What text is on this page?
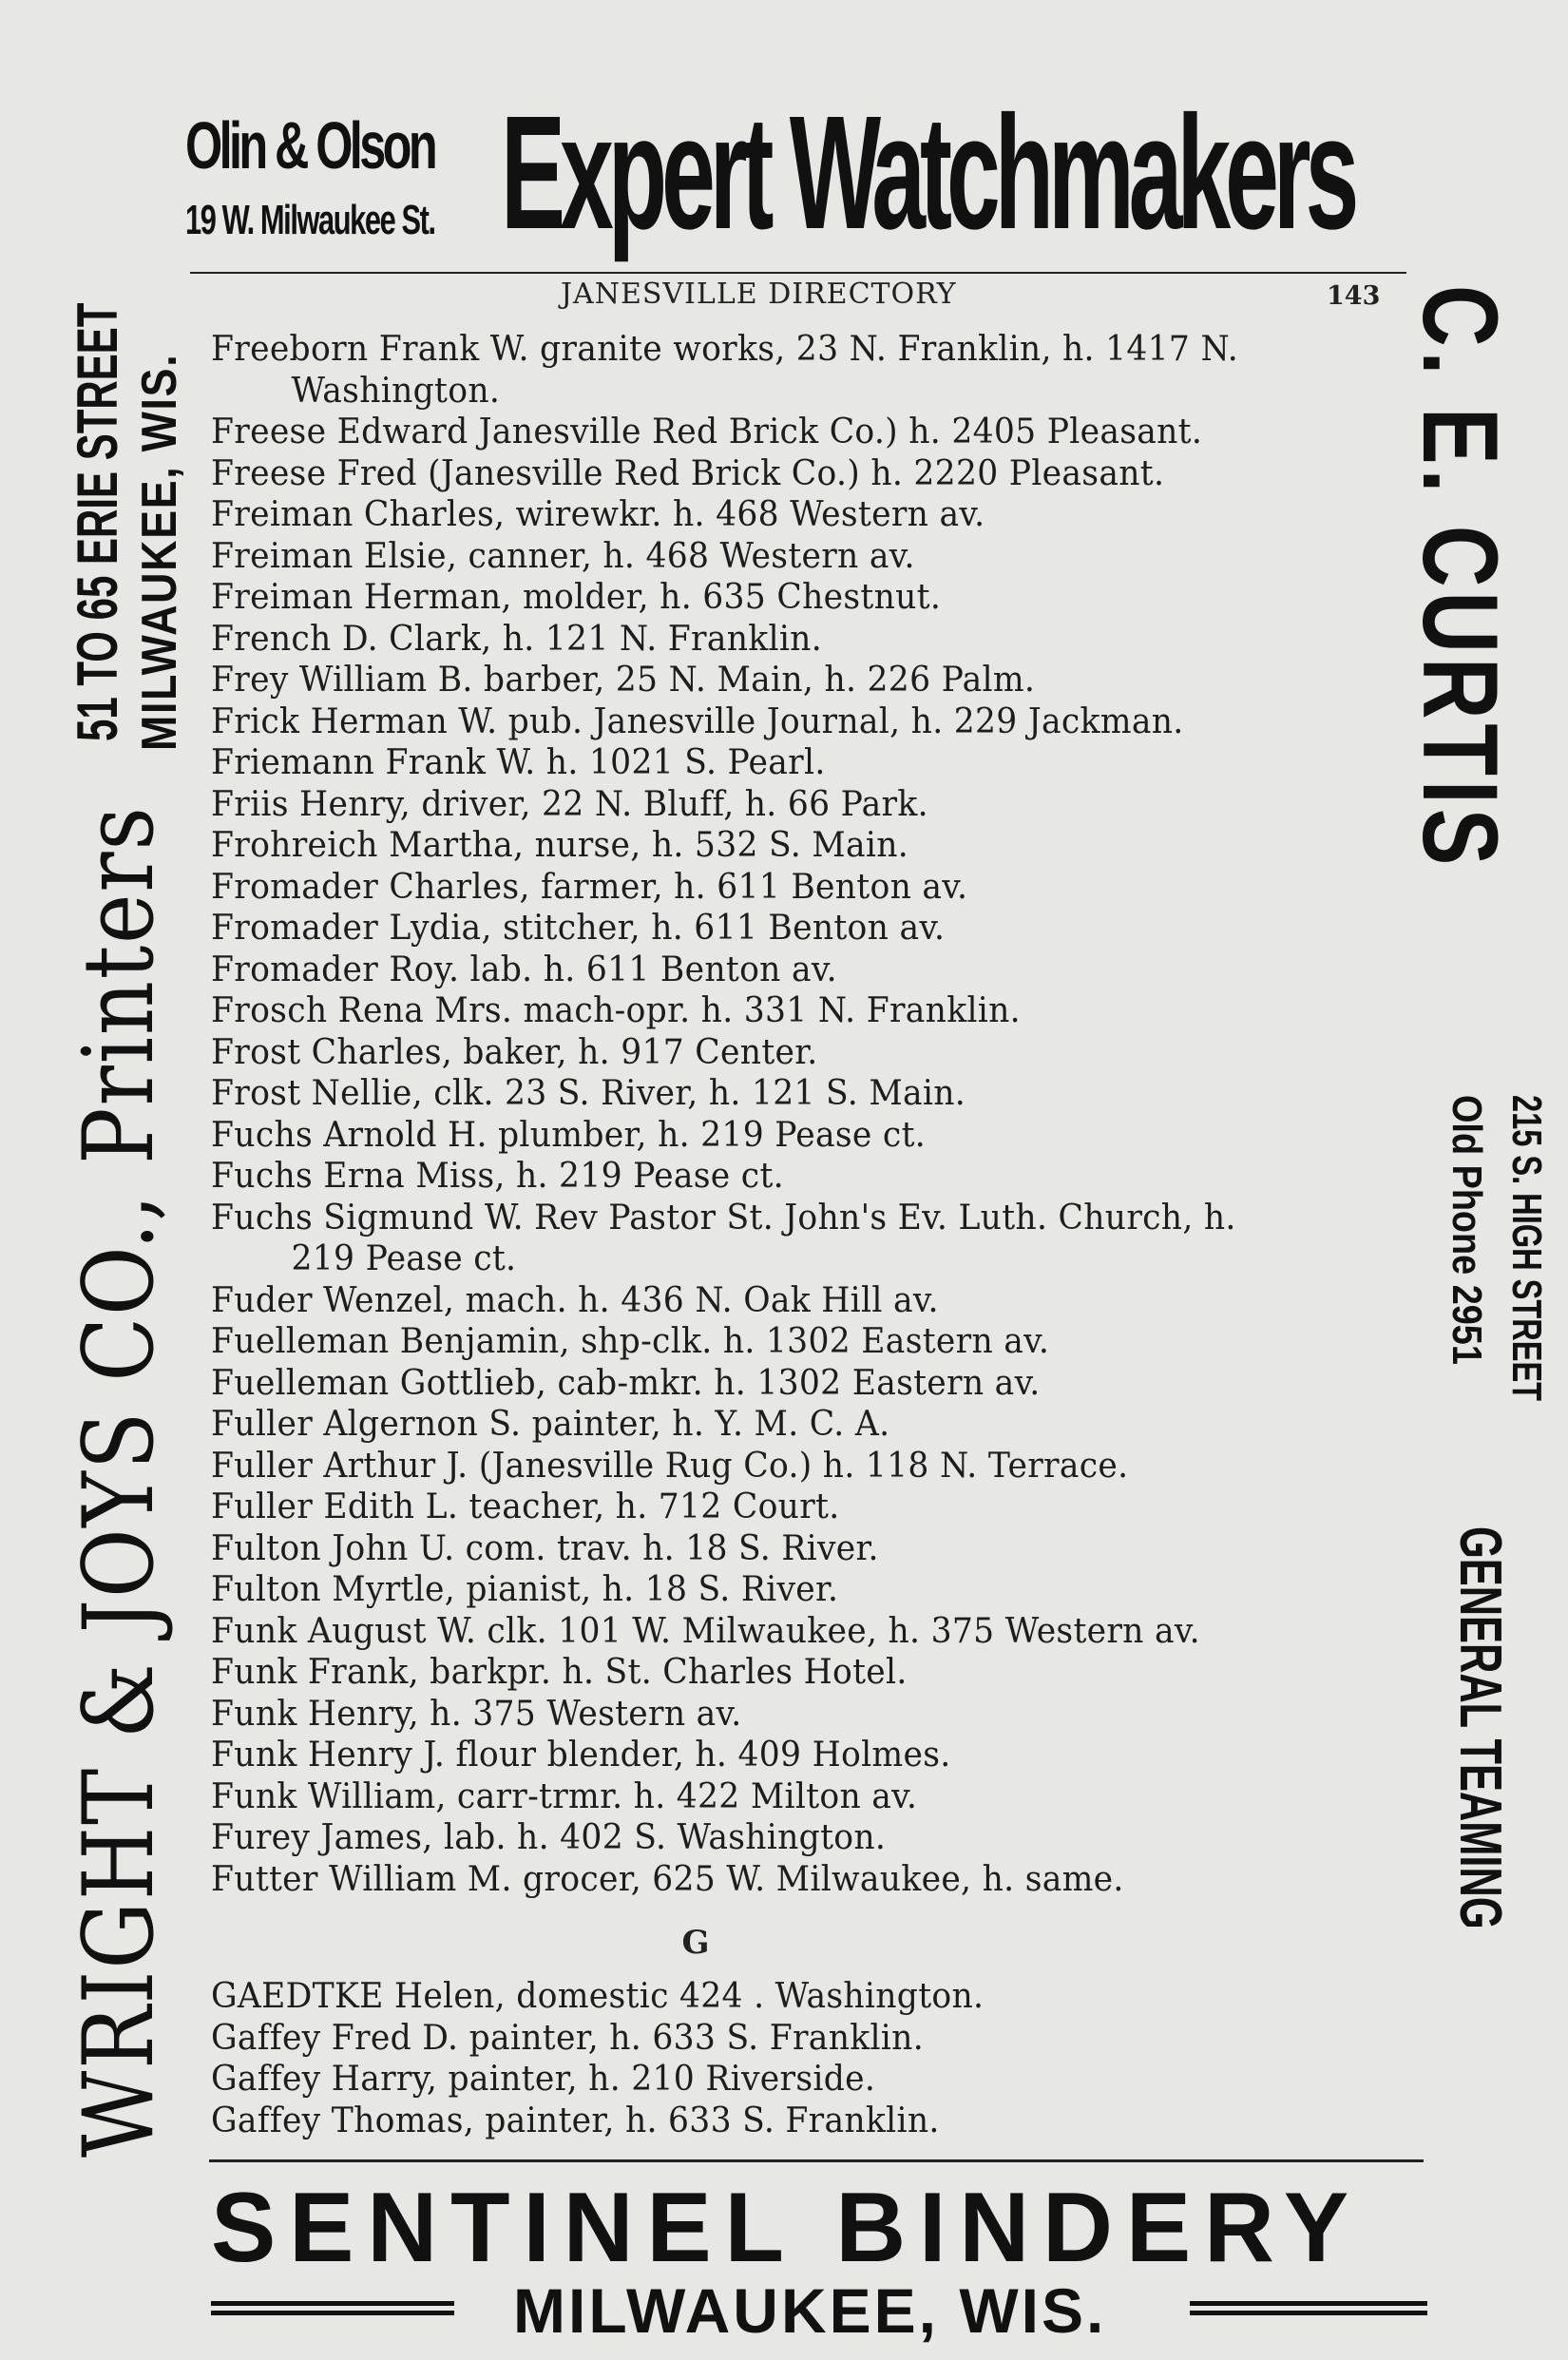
Olin & Olson
19 W. Milwaukee St. Expert Watchmakers
JANESVILLE DIRECTORY	143
Freeborn Frank W. granite works, 23 N. Franklin, h. 1417 N.
Washington.
Freese Edward Janesville Red Brick Co.) h. 2405 Pleasant.
Freese Fred (Janesville Red Brick Co.) h. 2220 Pleasant.
Freiman Charles, wirewkr. h. 468 Western av.
Freiman Elsie, canner, h. 468 Western av.
Freiman Herman, molder, h. 635 Chestnut.
French D. Clark, h. 121 N. Franklin.
Frey William B. barber, 25 N. Main, h. 226 Palm.
Frick Herman W. pub. Janesville Journal, h. 229 Jackman.
Friemann Frank W. h. 1021 S. Pearl.
Friis Henry, driver, 22 N. Bluff, h. 66 Park.
Frohreich Martha, nurse, h. 532 S. Main.
Fromader Charles, farmer, h. 611 Benton av.
Fromader Lydia, stitcher, h. 611 Benton av.
Fromader Roy. lab. h. 611 Benton av.
Frosch Rena Mrs. mach-opr. h. 331 N. Franklin.
Frost Charles, baker, h. 917 Center.
Frost Nellie, clk. 23 S. River, h. 121 S. Main.
Fuchs Arnold H. plumber, h. 219 Pease ct.
Fuchs Erna Miss, h. 219 Pease ct.
Fuchs Sigmund W. Rev Pastor St. John's Ev. Luth. Church, h.
219 Pease ct.
Fuder Wenzel, mach. h. 436 N. Oak Hill av.
Fuelleman Benjamin, shp-clk. h. 1302 Eastern av.
Fuelleman Gottlieb, cab-mkr. h. 1302 Eastern av.
Fuller Algernon S. painter, h. Y. M. C. A.
Fuller Arthur J. (Janesville Rug Co.) h. 118 N. Terrace.
Fuller Edith L. teacher, h. 712 Court.
Fulton John U. com. trav. h. 18 S. River.
Fulton Myrtle, pianist, h. 18 S. River.
Funk August W. clk. 101 W. Milwaukee, h. 375 Western av.
Funk Frank, barkpr. h. St. Charles Hotel.
Funk Henry, h. 375 Western av.
Funk Henry J. flour blender, h. 409 Holmes.
Funk William, carr-trmr. h. 422 Milton av.
Furey James, lab. h. 402 S. Washington.
Futter William M. grocer, 625 W. Milwaukee, h. same.
G
GAEDTKE Helen, domestic 424 . Washington.
Gaffey Fred D. painter, h. 633 S. Franklin.
Gaffey Harry, painter, h. 210 Riverside.
Gaffey Thomas, painter, h. 633 S. Franklin.
SENTINEL BINDERY
MILWAUKEE, WIS.
WRIGHT & JOYS CO., Printers
51 TO 65 ERIE STREET MILWAUKEE, WIS.	C. E. CURTIS
215 S. HIGH STREET
Old Phone 2951
GENERAL TEAMING
